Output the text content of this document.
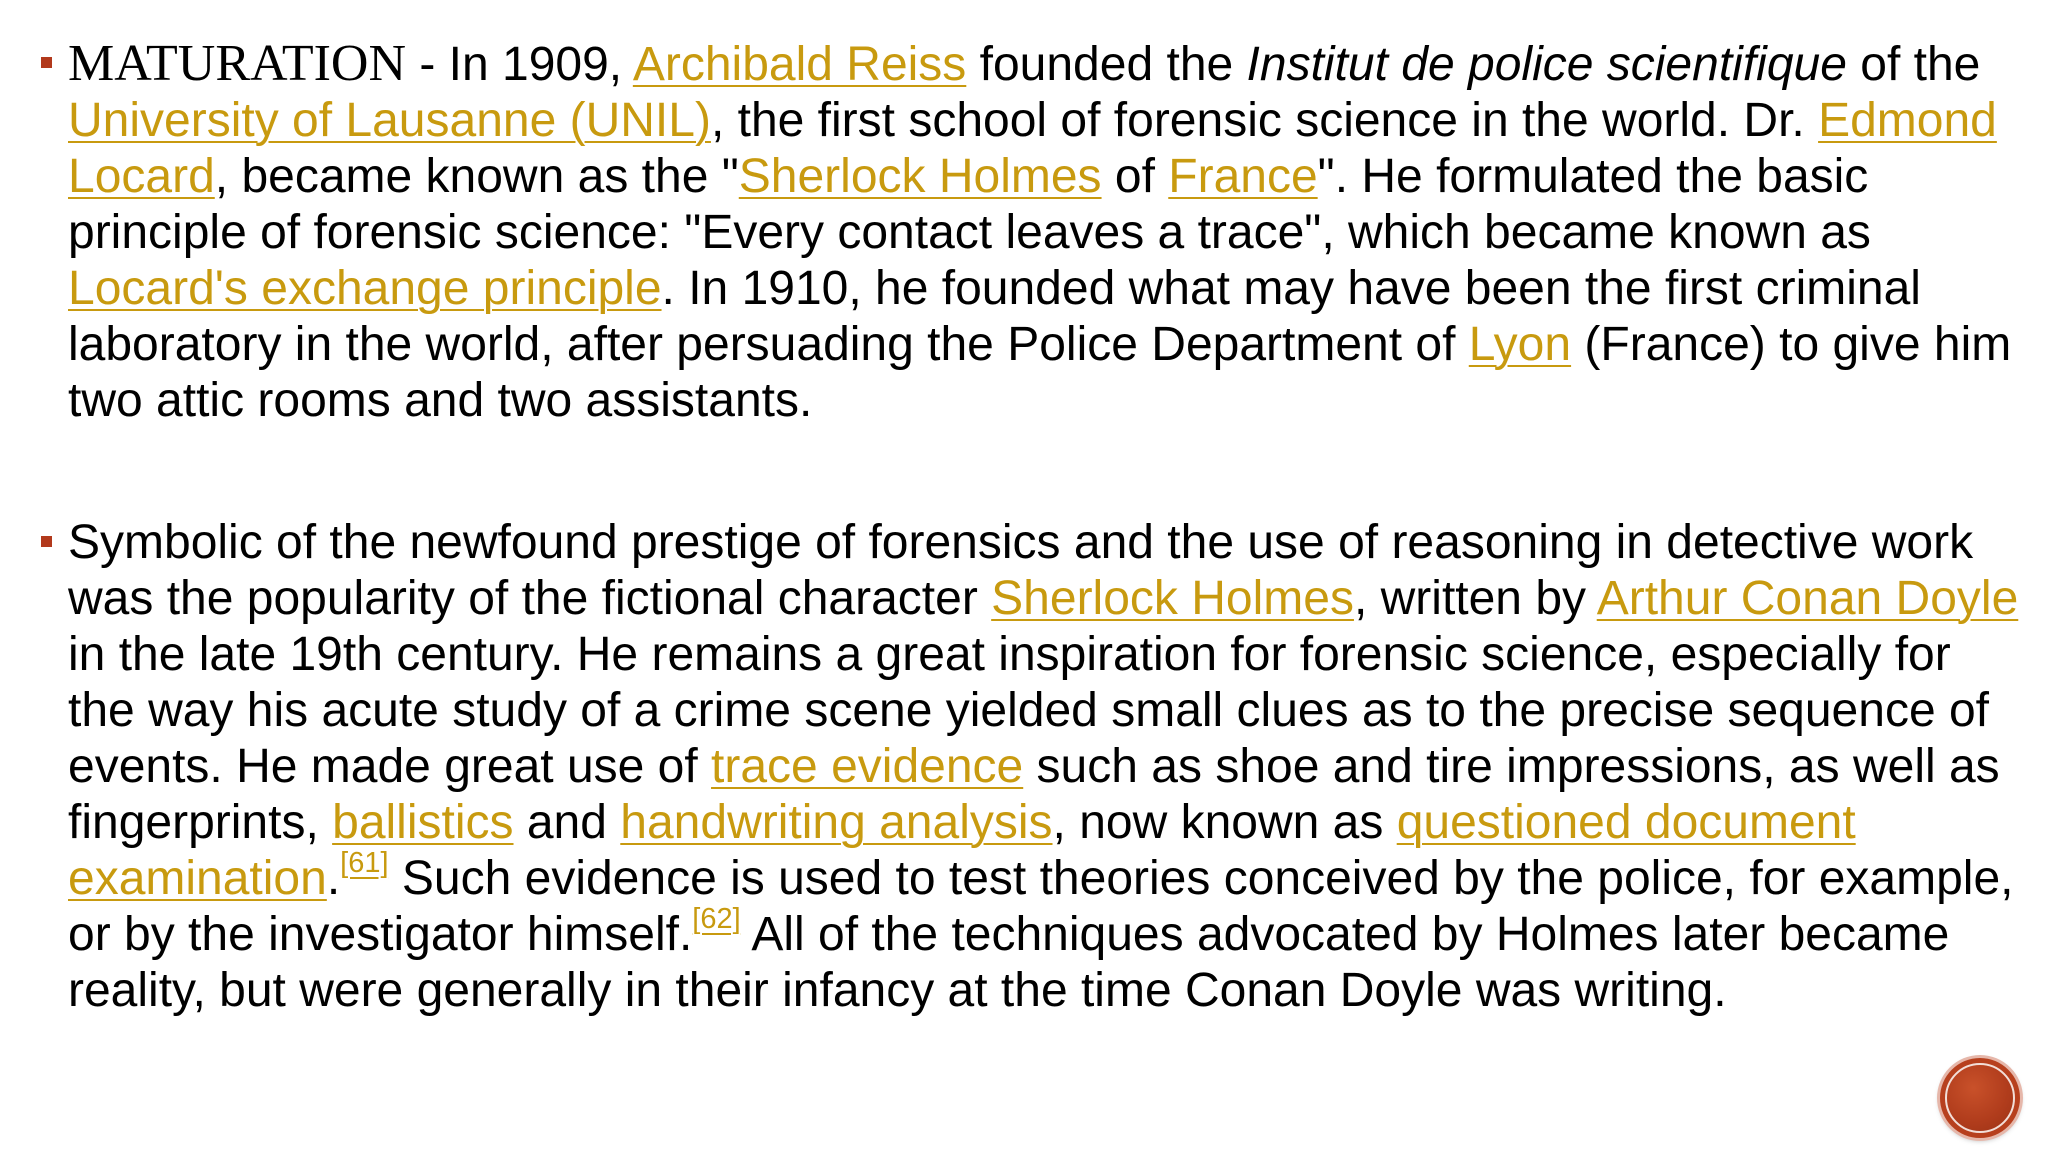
MATURATION - In 1909, Archibald Reiss founded the Institut de police scientifique of the University of Lausanne (UNIL), the first school of forensic science in the world. Dr. Edmond Locard, became known as the "Sherlock Holmes of France". He formulated the basic principle of forensic science: "Every contact leaves a trace", which became known as Locard's exchange principle. In 1910, he founded what may have been the first criminal laboratory in the world, after persuading the Police Department of Lyon (France) to give him two attic rooms and two assistants.
Symbolic of the newfound prestige of forensics and the use of reasoning in detective work was the popularity of the fictional character Sherlock Holmes, written by Arthur Conan Doyle in the late 19th century. He remains a great inspiration for forensic science, especially for the way his acute study of a crime scene yielded small clues as to the precise sequence of events. He made great use of trace evidence such as shoe and tire impressions, as well as fingerprints, ballistics and handwriting analysis, now known as questioned document examination.[61] Such evidence is used to test theories conceived by the police, for example, or by the investigator himself.[62] All of the techniques advocated by Holmes later became reality, but were generally in their infancy at the time Conan Doyle was writing.
